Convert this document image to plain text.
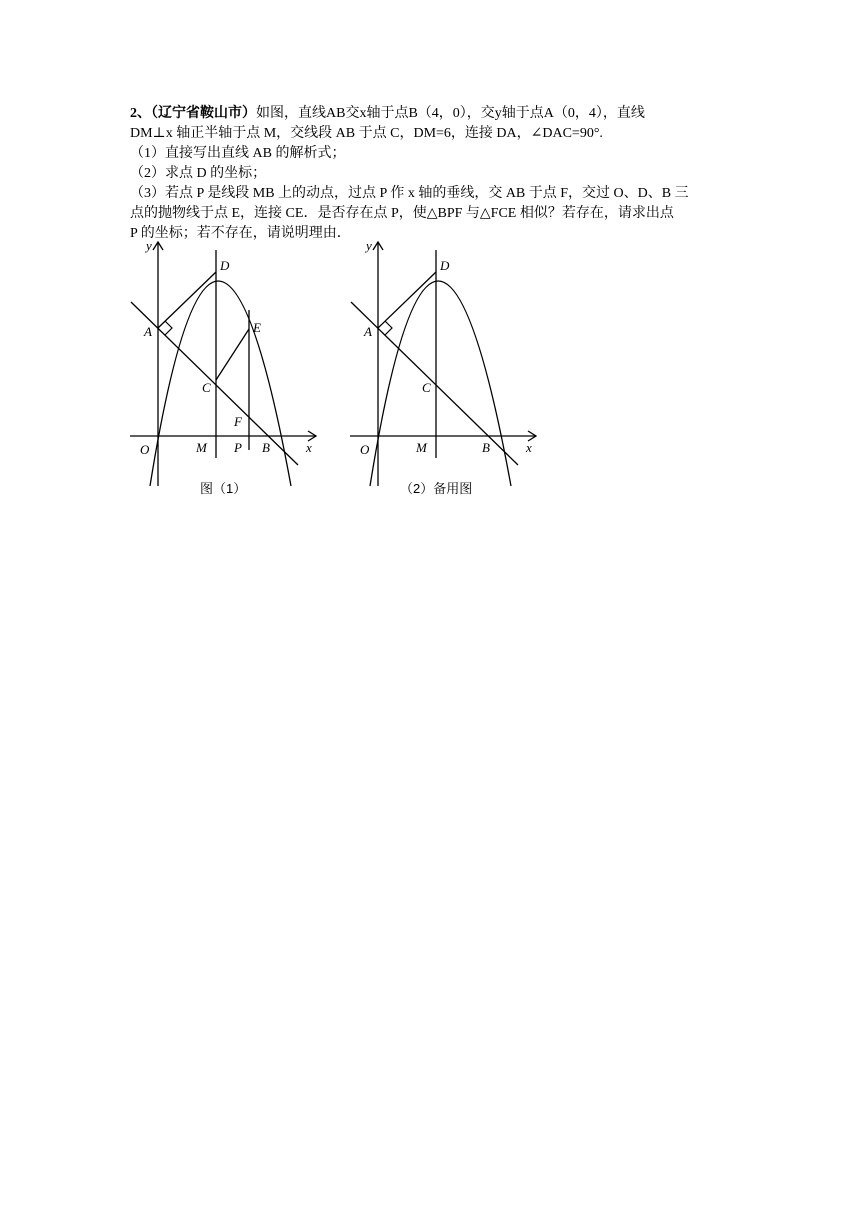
2、（辽宁省鞍山市）如图，直线AB交x轴于点B（4，0），交y轴于点A（0，4），直线

DM⊥x 轴正半轴于点 M，交线段 AB 于点 C，DM=6，连接 DA，∠DAC=90°.

（1）直接写出直线 AB 的解析式；

（2）求点 D 的坐标；

（3）若点 P 是线段 MB 上的动点，过点 P 作 x 轴的垂线，交 AB 于点 F，交过 O、D、B 三

点的抛物线于点 E，连接 CE．是否存在点 P，使△BPF 与△FCE 相似？若存在，请求出点

P 的坐标；若不存在，请说明理由．

y
x
O
A
D
C
E
F
M P B
图（1）
y
x
O
A
D
C
M	B
（2）备用图
